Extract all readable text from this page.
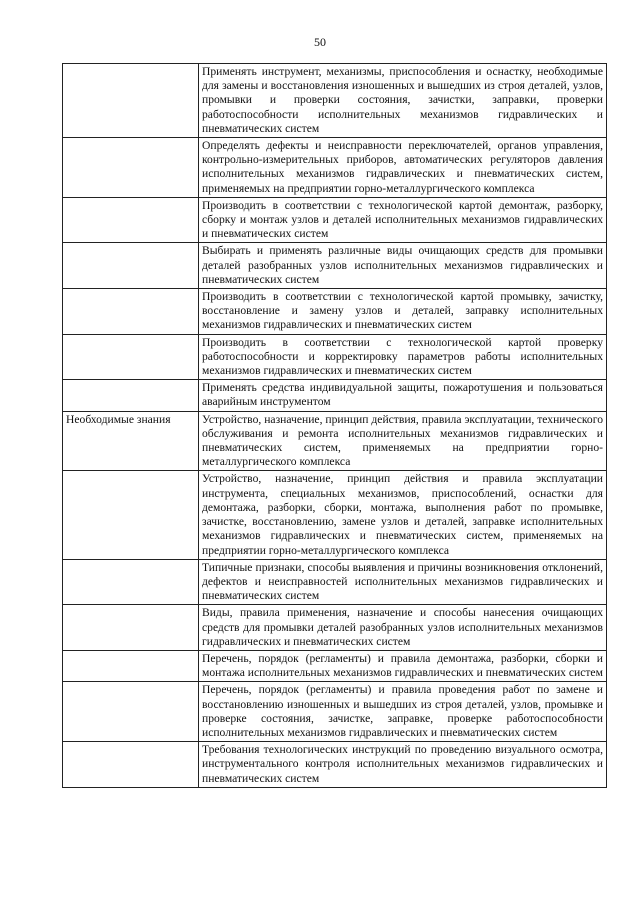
50
	Применять инструмент, механизмы, приспособления и оснастку, необходимые для замены и восстановления изношенных и вышедших из строя деталей, узлов, промывки и проверки состояния, зачистки, заправки, проверки работоспособности исполнительных механизмов гидравлических и пневматических систем
	Определять дефекты и неисправности переключателей, органов управления, контрольно-измерительных приборов, автоматических регуляторов давления исполнительных механизмов гидравлических и пневматических систем, применяемых на предприятии горно-металлургического комплекса
	Производить в соответствии с технологической картой демонтаж, разборку, сборку и монтаж узлов и деталей исполнительных механизмов гидравлических и пневматических систем
	Выбирать и применять различные виды очищающих средств для промывки деталей разобранных узлов исполнительных механизмов гидравлических и пневматических систем
	Производить в соответствии с технологической картой промывку, зачистку, восстановление и замену узлов и деталей, заправку исполнительных механизмов гидравлических и пневматических систем
	Производить в соответствии с технологической картой проверку работоспособности и корректировку параметров работы исполнительных механизмов гидравлических и пневматических систем
	Применять средства индивидуальной защиты, пожаротушения и пользоваться аварийным инструментом
Необходимые знания	Устройство, назначение, принцип действия, правила эксплуатации, технического обслуживания и ремонта исполнительных механизмов гидравлических и пневматических систем, применяемых на предприятии горно-металлургического комплекса
	Устройство, назначение, принцип действия и правила эксплуатации инструмента, специальных механизмов, приспособлений, оснастки для демонтажа, разборки, сборки, монтажа, выполнения работ по промывке, зачистке, восстановлению, замене узлов и деталей, заправке исполнительных механизмов гидравлических и пневматических систем, применяемых на предприятии горно-металлургического комплекса
	Типичные признаки, способы выявления и причины возникновения отклонений, дефектов и неисправностей исполнительных механизмов гидравлических и пневматических систем
	Виды, правила применения, назначение и способы нанесения очищающих средств для промывки деталей разобранных узлов исполнительных механизмов гидравлических и пневматических систем
	Перечень, порядок (регламенты) и правила демонтажа, разборки, сборки и монтажа исполнительных механизмов гидравлических и пневматических систем
	Перечень, порядок (регламенты) и правила проведения работ по замене и восстановлению изношенных и вышедших из строя деталей, узлов, промывке и проверке состояния, зачистке, заправке, проверке работоспособности исполнительных механизмов гидравлических и пневматических систем
	Требования технологических инструкций по проведению визуального осмотра, инструментального контроля исполнительных механизмов гидравлических и пневматических систем
